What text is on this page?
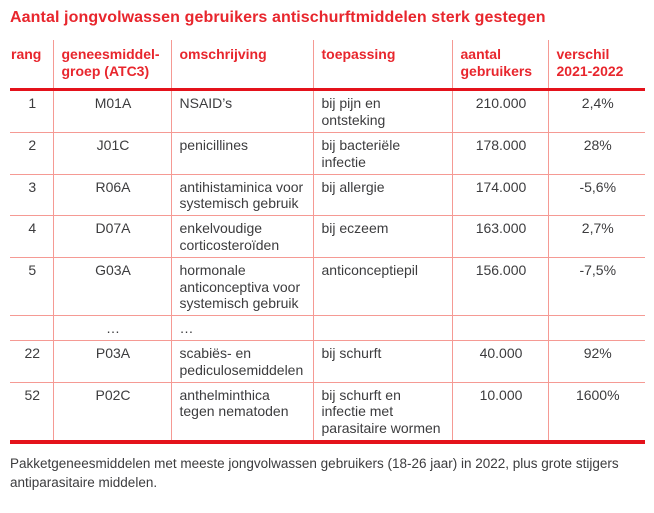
Aantal jongvolwassen gebruikers antischurftmiddelen sterk gestegen
rang	geneesmiddel-groep (ATC3)	omschrijving	toepassing	aantal gebruikers	verschil 2021-2022
1	M01A	NSAID’s	bij pijn en ontsteking	210.000	2,4%
2	J01C	penicillines	bij bacteriële infectie	178.000	28%
3	R06A	antihistaminica voor systemisch gebruik	bij allergie	174.000	-5,6%
4	D07A	enkelvoudige corticosteroïden	bij eczeem	163.000	2,7%
5	G03A	hormonale anticonceptiva voor systemisch gebruik	anticonceptiepil	156.000	-7,5%
	…	…			
22	P03A	scabiës- en pediculosemiddelen	bij schurft	40.000	92%
52	P02C	anthelminthica tegen nematoden	bij schurft en infectie met parasitaire wormen	10.000	1600%

Pakketgeneesmiddelen met meeste jongvolwassen gebruikers (18-26 jaar) in 2022, plus grote stijgers antiparasitaire middelen.
